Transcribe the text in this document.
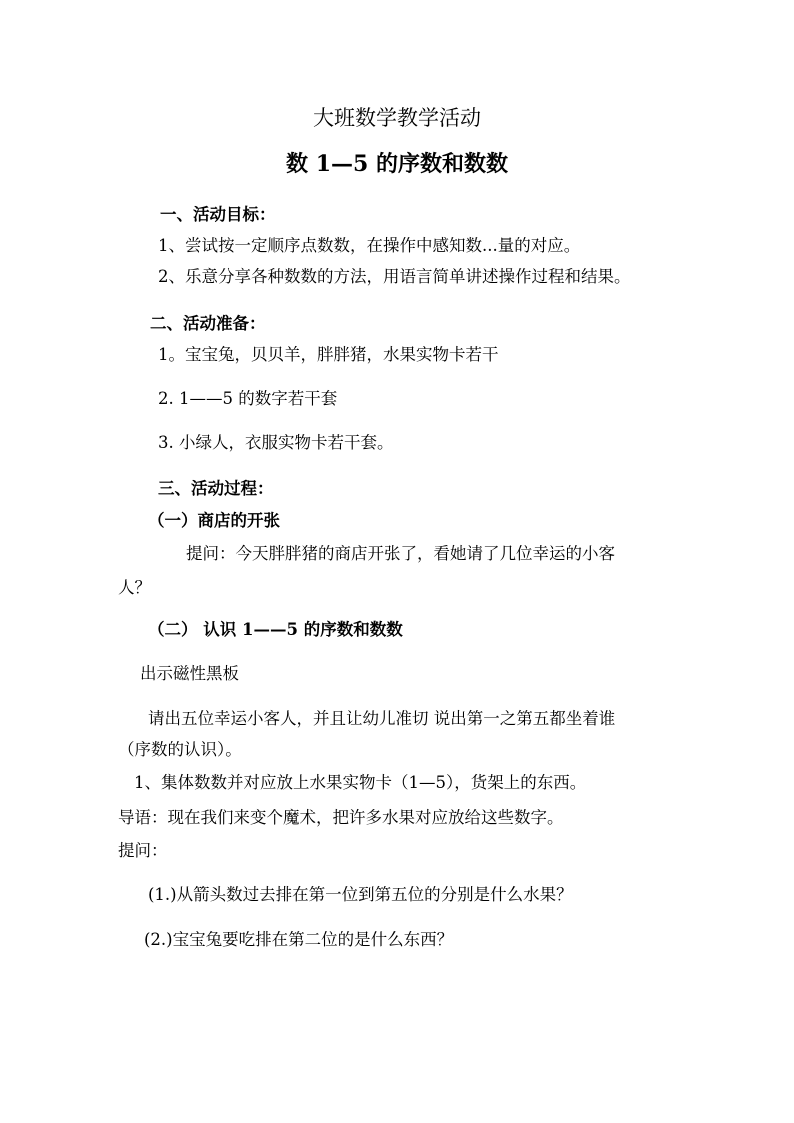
大班数学教学活动
数 1—5 的序数和数数
一、活动目标：
1、尝试按一定顺序点数数，在操作中感知数...量的对应。
2、乐意分享各种数数的方法，用语言简单讲述操作过程和结果。
二、活动准备：
1。宝宝兔，贝贝羊，胖胖猪，水果实物卡若干
2. 1——5 的数字若干套
3. 小绿人，衣服实物卡若干套。
三、活动过程：
（一）商店的开张
提问：今天胖胖猪的商店开张了，看她请了几位幸运的小客
人？
（二） 认识 1——5 的序数和数数
出示磁性黑板
请出五位幸运小客人，并且让幼儿准切 说出第一之第五都坐着谁
（序数的认识）。
1、集体数数并对应放上水果实物卡（1—5），货架上的东西。
导语：现在我们来变个魔术，把许多水果对应放给这些数字。
提问：
(1.)从箭头数过去排在第一位到第五位的分别是什么水果？
(2.)宝宝兔要吃排在第二位的是什么东西？
